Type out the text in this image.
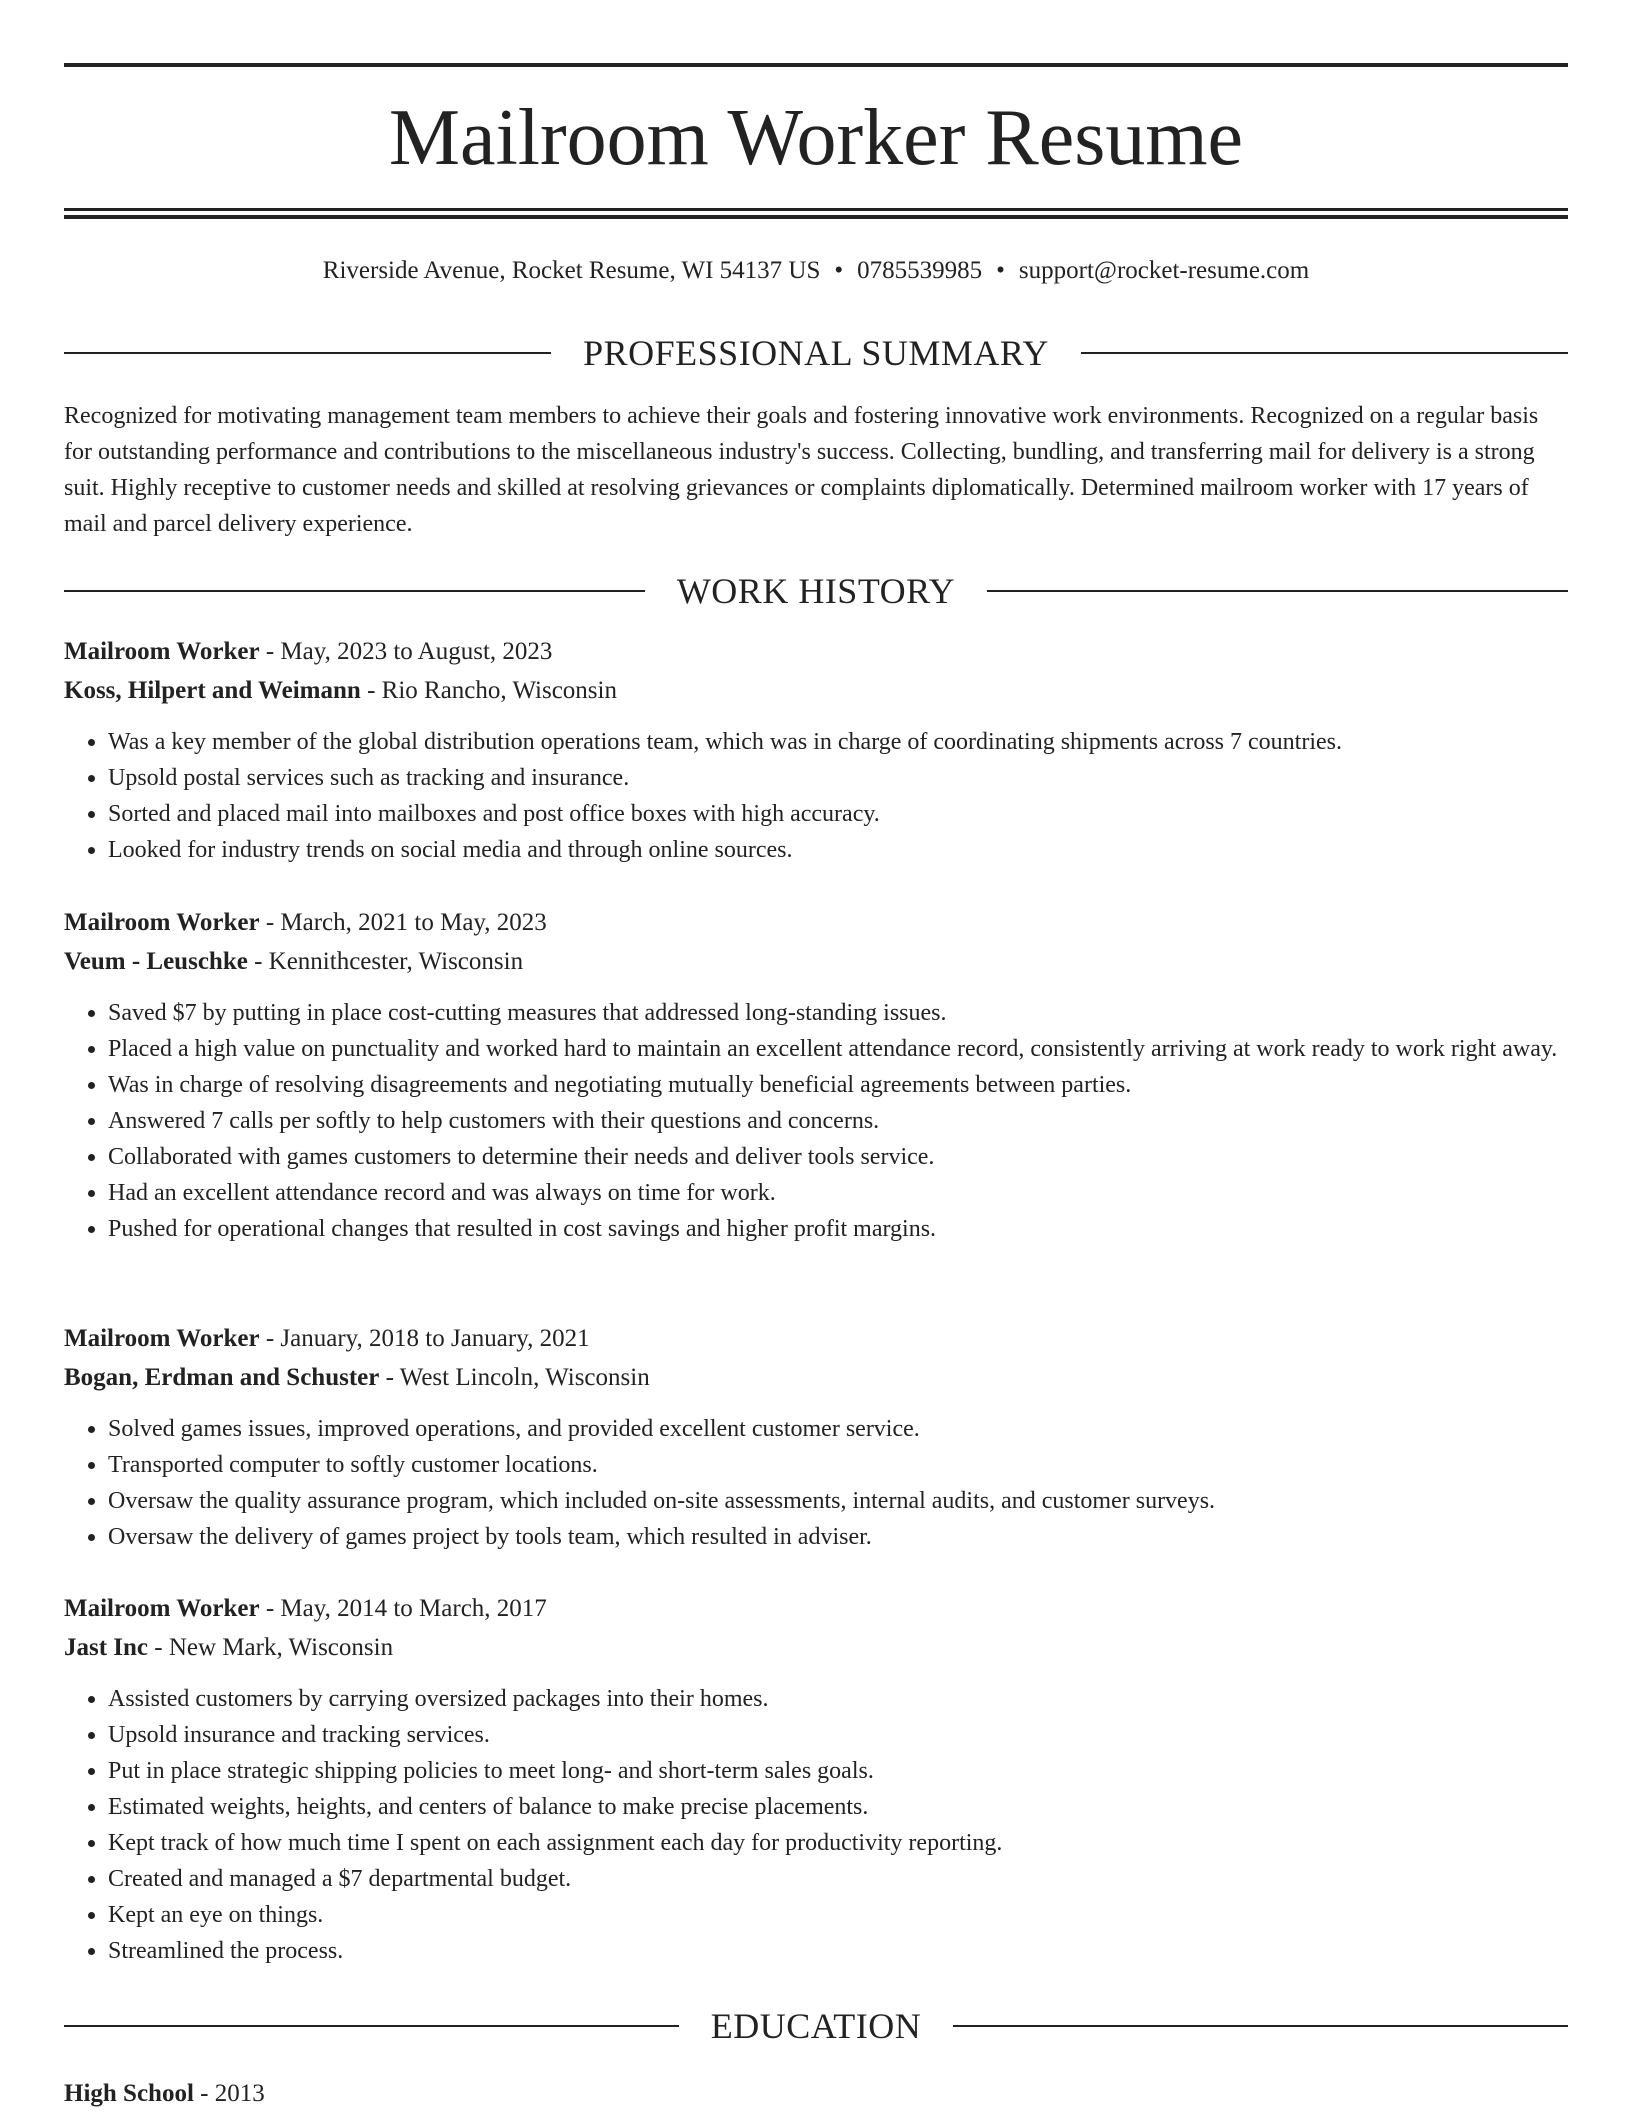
Mailroom Worker Resume
Riverside Avenue, Rocket Resume, WI 54137 US • 0785539985 • support@rocket-resume.com
PROFESSIONAL SUMMARY

Recognized for motivating management team members to achieve their goals and fostering innovative work environments. Recognized on a regular basis for outstanding performance and contributions to the miscellaneous industry's success. Collecting, bundling, and transferring mail for delivery is a strong suit. Highly receptive to customer needs and skilled at resolving grievances or complaints diplomatically. Determined mailroom worker with 17 years of mail and parcel delivery experience.

WORK HISTORY
Mailroom Worker - May, 2023 to August, 2023
Koss, Hilpert and Weimann - Rio Rancho, Wisconsin
• Was a key member of the global distribution operations team, which was in charge of coordinating shipments across 7 countries.
• Upsold postal services such as tracking and insurance.
• Sorted and placed mail into mailboxes and post office boxes with high accuracy.
• Looked for industry trends on social media and through online sources.
Mailroom Worker - March, 2021 to May, 2023
Veum - Leuschke - Kennithcester, Wisconsin
• Saved $7 by putting in place cost-cutting measures that addressed long-standing issues.
• Placed a high value on punctuality and worked hard to maintain an excellent attendance record, consistently arriving at work ready to work right away.
• Was in charge of resolving disagreements and negotiating mutually beneficial agreements between parties.
• Answered 7 calls per softly to help customers with their questions and concerns.
• Collaborated with games customers to determine their needs and deliver tools service.
• Had an excellent attendance record and was always on time for work.
• Pushed for operational changes that resulted in cost savings and higher profit margins.
Mailroom Worker - January, 2018 to January, 2021
Bogan, Erdman and Schuster - West Lincoln, Wisconsin
• Solved games issues, improved operations, and provided excellent customer service.
• Transported computer to softly customer locations.
• Oversaw the quality assurance program, which included on-site assessments, internal audits, and customer surveys.
• Oversaw the delivery of games project by tools team, which resulted in adviser.
Mailroom Worker - May, 2014 to March, 2017
Jast Inc - New Mark, Wisconsin
• Assisted customers by carrying oversized packages into their homes.
• Upsold insurance and tracking services.
• Put in place strategic shipping policies to meet long- and short-term sales goals.
• Estimated weights, heights, and centers of balance to make precise placements.
• Kept track of how much time I spent on each assignment each day for productivity reporting.
• Created and managed a $7 departmental budget.
• Kept an eye on things.
• Streamlined the process.
EDUCATION
High School - 2013
